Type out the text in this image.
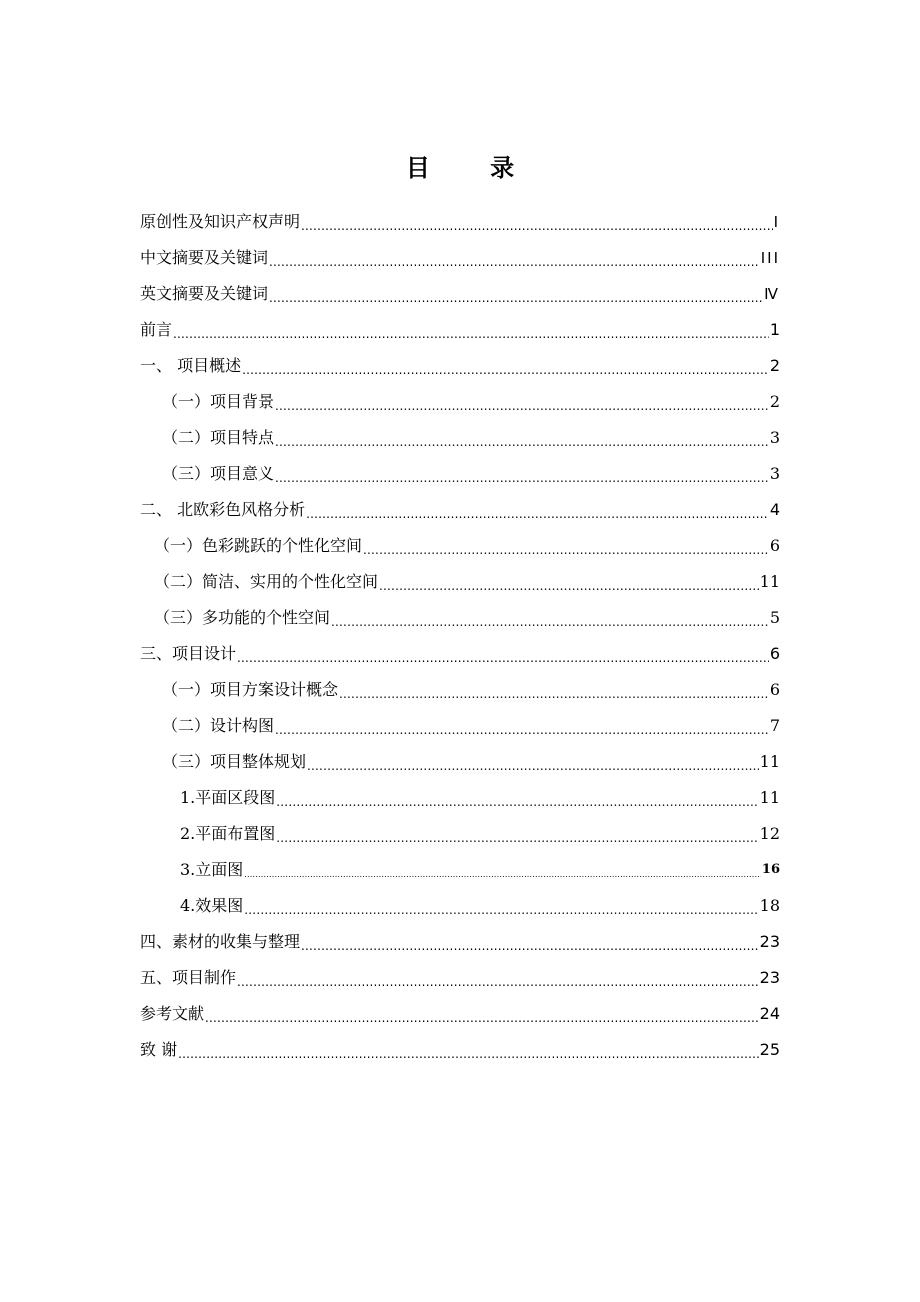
目 录
原创性及知识产权声明 .....	Ⅰ
中文摘要及关键词 .....	ⅠⅠⅠ
英文摘要及关键词 .....	Ⅳ
前言 .....	1
一、 项目概述 .....	2
（一）项目背景 .....	2
（二）项目特点 .....	3
（三）项目意义 .....	3
二、 北欧彩色风格分析 .....	4
（一）色彩跳跃的个性化空间 .....	6
（二）简洁、实用的个性化空间 .....	11
（三）多功能的个性空间 .....	5
三、项目设计 .....	6
（一）项目方案设计概念 .....	6
（二）设计构图 .....	7
（三）项目整体规划 .....	11
1.平面区段图 .....	11
2.平面布置图 .....	12
3.立面图 .....	16
4.效果图 .....	18
四、素材的收集与整理 .....	23
五、项目制作 .....	23
参考文献 .....	24
致 谢 .....	25
